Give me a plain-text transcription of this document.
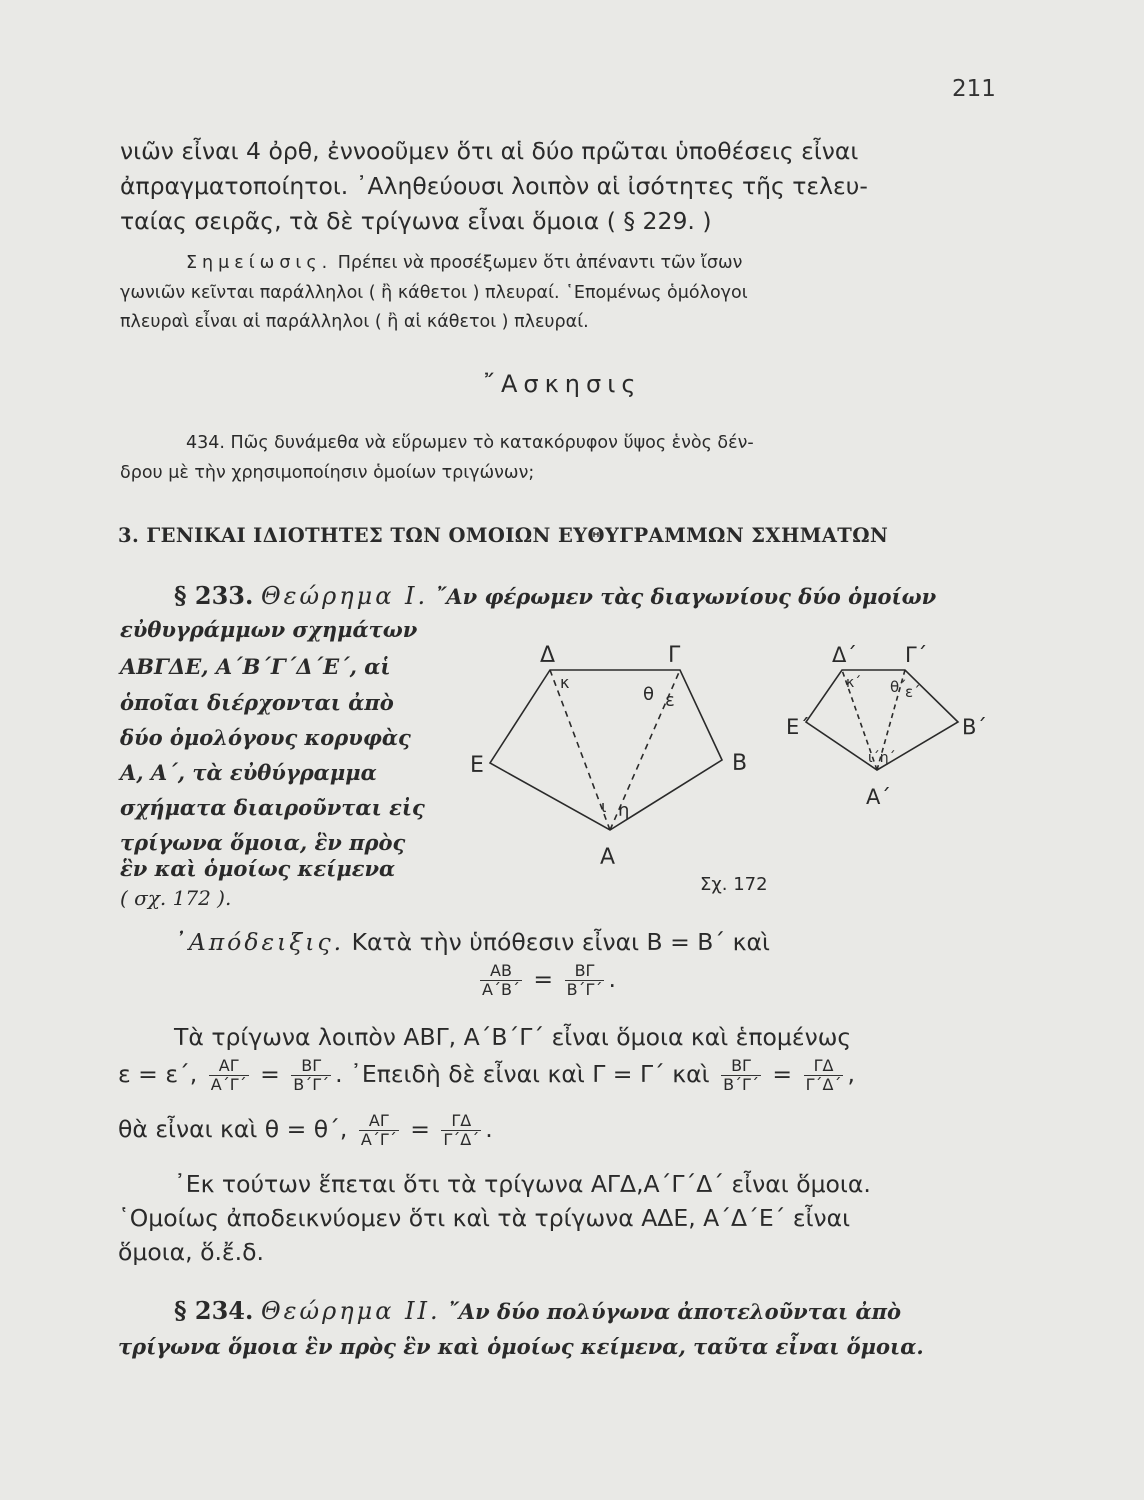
211
νιῶν εἶναι 4 ὀρθ, ἐννοοῦμεν ὅτι αἱ δύο πρῶται ὑποθέσεις εἶναι
ἀπραγματοποίητοι. ᾿Αληθεύουσι λοιπὸν αἱ ἰσότητες τῆς τελευ-
ταίας σειρᾶς, τὰ δὲ τρίγωνα εἶναι ὅμοια ( § 229. )
Σημείωσις. Πρέπει νὰ προσέξωμεν ὅτι ἀπέναντι τῶν ἴσων
γωνιῶν κεῖνται παράλληλοι ( ἢ κάθετοι ) πλευραί. ῾Επομένως ὁμόλογοι
πλευραὶ εἶναι αἱ παράλληλοι ( ἢ αἱ κάθετοι ) πλευραί.
῎Ασκησις
434. Πῶς δυνάμεθα νὰ εὕρωμεν τὸ κατακόρυφον ὕψος ἑνὸς δέν-
δρου μὲ τὴν χρησιμοποίησιν ὁμοίων τριγώνων;
3. ΓΕΝΙΚΑΙ ΙΔΙΟΤΗΤΕΣ ΤΩΝ ΟΜΟΙΩΝ ΕΥΘΥΓΡΑΜΜΩΝ ΣΧΗΜΑΤΩΝ
§ 233. Θεώρημα Ι. ῎Αν φέρωμεν τὰς διαγωνίους δύο ὁμοίων
εὐθυγράμμων σχημάτων
ΑΒΓΔΕ, Α΄Β΄Γ΄Δ΄Ε΄, αἱ
ὁποῖαι διέρχονται ἀπὸ
δύο ὁμολόγους κορυφὰς
Α, Α΄, τὰ εὐθύγραμμα
σχήματα διαιροῦνται εἰς
τρίγωνα ὅμοια, ἓν πρὸς
ἓν καὶ ὁμοίως κείμενα
( σχ. 172 ).
Δ	Γ
Ε	Β
Α
κ
θ ε
ι η
Δ΄ Γ΄
Ε΄	Β΄
Α΄
κ΄ θ΄
ε΄
ι΄η΄
Σχ. 172
᾿Απόδειξις. Κατὰ τὴν ὑπόθεσιν εἶναι Β = Β΄ καὶ
$\frac{AB}{A΄B΄} = \frac{B\Gamma}{B΄\Gamma΄}$ .
Τὰ τρίγωνα λοιπὸν ΑΒΓ, Α΄Β΄Γ΄ εἶναι ὅμοια καὶ ἑπομένως
ε = ε΄, $\frac{A\Gamma}{A΄\Gamma΄} = \frac{B\Gamma}{B΄\Gamma΄}$ . ᾿Επειδὴ δὲ εἶναι καὶ Γ = Γ΄ καὶ $\frac{B\Gamma}{B΄\Gamma΄} = \frac{\Gamma\Delta}{\Gamma΄\Delta΄}$ ,
θὰ εἶναι καὶ θ = θ΄, $\frac{A\Gamma}{A΄\Gamma΄} = \frac{\Gamma\Delta}{\Gamma΄\Delta΄}$ .
᾿Εκ τούτων ἕπεται ὅτι τὰ τρίγωνα ΑΓΔ,Α΄Γ΄Δ΄ εἶναι ὅμοια.
῾Ομοίως ἀποδεικνύομεν ὅτι καὶ τὰ τρίγωνα ΑΔΕ, Α΄Δ΄Ε΄ εἶναι
ὅμοια, ὅ.ἔ.δ.
§ 234. Θεώρημα ΙΙ. ῎Αν δύο πολύγωνα ἀποτελοῦνται ἀπὸ
τρίγωνα ὅμοια ἓν πρὸς ἓν καὶ ὁμοίως κείμενα, ταῦτα εἶναι ὅμοια.
